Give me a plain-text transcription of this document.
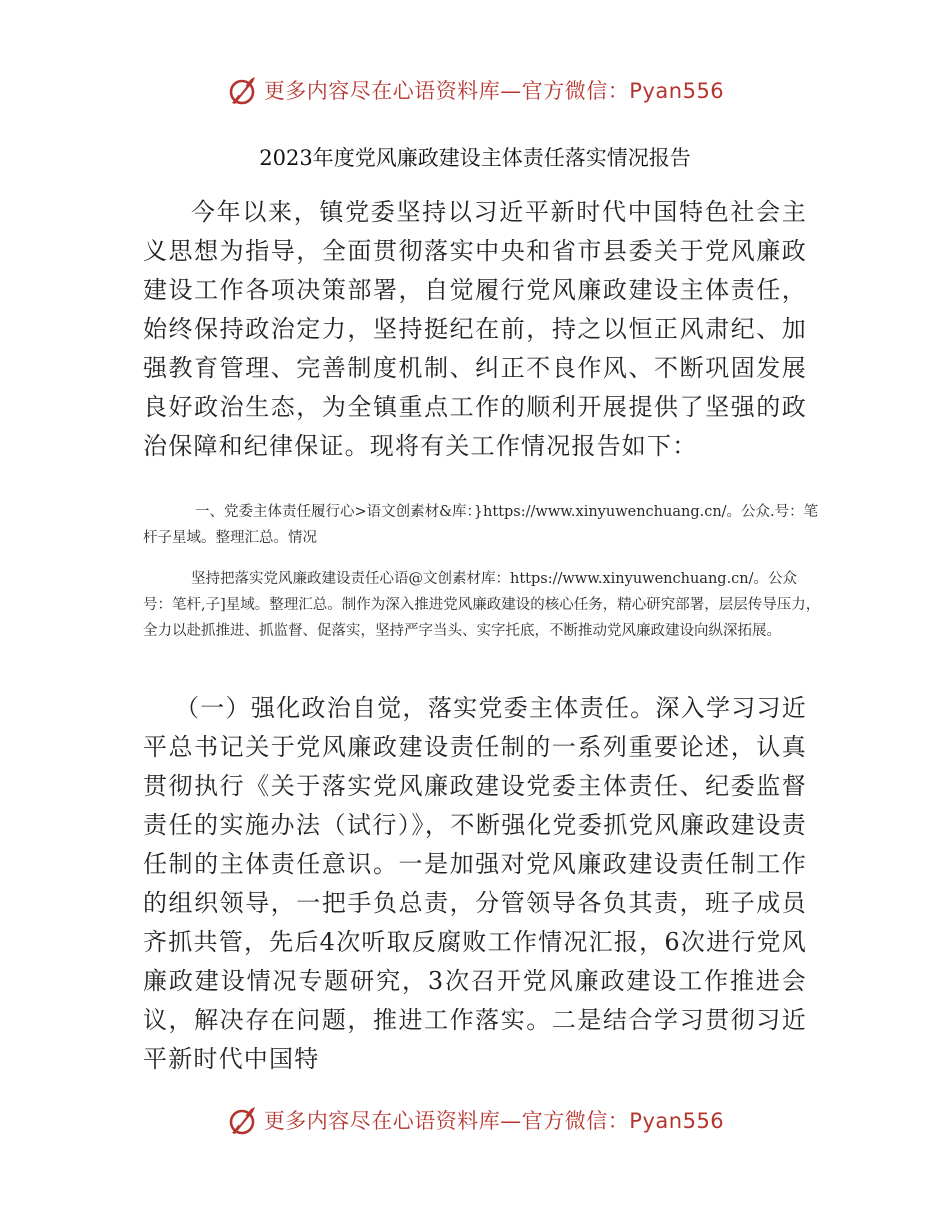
更多内容尽在心语资料库—官方微信：Pyan556
2023年度党风廉政建设主体责任落实情况报告

今年以来，镇党委坚持以习近平新时代中国特色社会主义思想为指导，全面贯彻落实中央和省市县委关于党风廉政建设工作各项决策部署，自觉履行党风廉政建设主体责任，始终保持政治定力，坚持挺纪在前，持之以恒正风肃纪、加强教育管理、完善制度机制、纠正不良作风、不断巩固发展良好政治生态，为全镇重点工作的顺利开展提供了坚强的政治保障和纪律保证。现将有关工作情况报告如下：

一、党委主体责任履行心>语文创素材&库：}https://www.xinyuwenchuang.cn/。公众.号：笔杆子星域。整理汇总。情况

坚持把落实党风廉政建设责任心语@文创素材库：https://www.xinyuwenchuang.cn/。公众号：笔杆,子]星域。整理汇总。制作为深入推进党风廉政建设的核心任务，精心研究部署，层层传导压力，全力以赴抓推进、抓监督、促落实，坚持严字当头、实字托底，不断推动党风廉政建设向纵深拓展。

（一）强化政治自觉，落实党委主体责任。深入学习习近平总书记关于党风廉政建设责任制的一系列重要论述，认真贯彻执行《关于落实党风廉政建设党委主体责任、纪委监督责任的实施办法（试行）》，不断强化党委抓党风廉政建设责任制的主体责任意识。一是加强对党风廉政建设责任制工作的组织领导，一把手负总责，分管领导各负其责，班子成员齐抓共管，先后4次听取反腐败工作情况汇报，6次进行党风廉政建设情况专题研究，3次召开党风廉政建设工作推进会议，解决存在问题，推进工作落实。二是结合学习贯彻习近平新时代中国特

更多内容尽在心语资料库—官方微信：Pyan556
